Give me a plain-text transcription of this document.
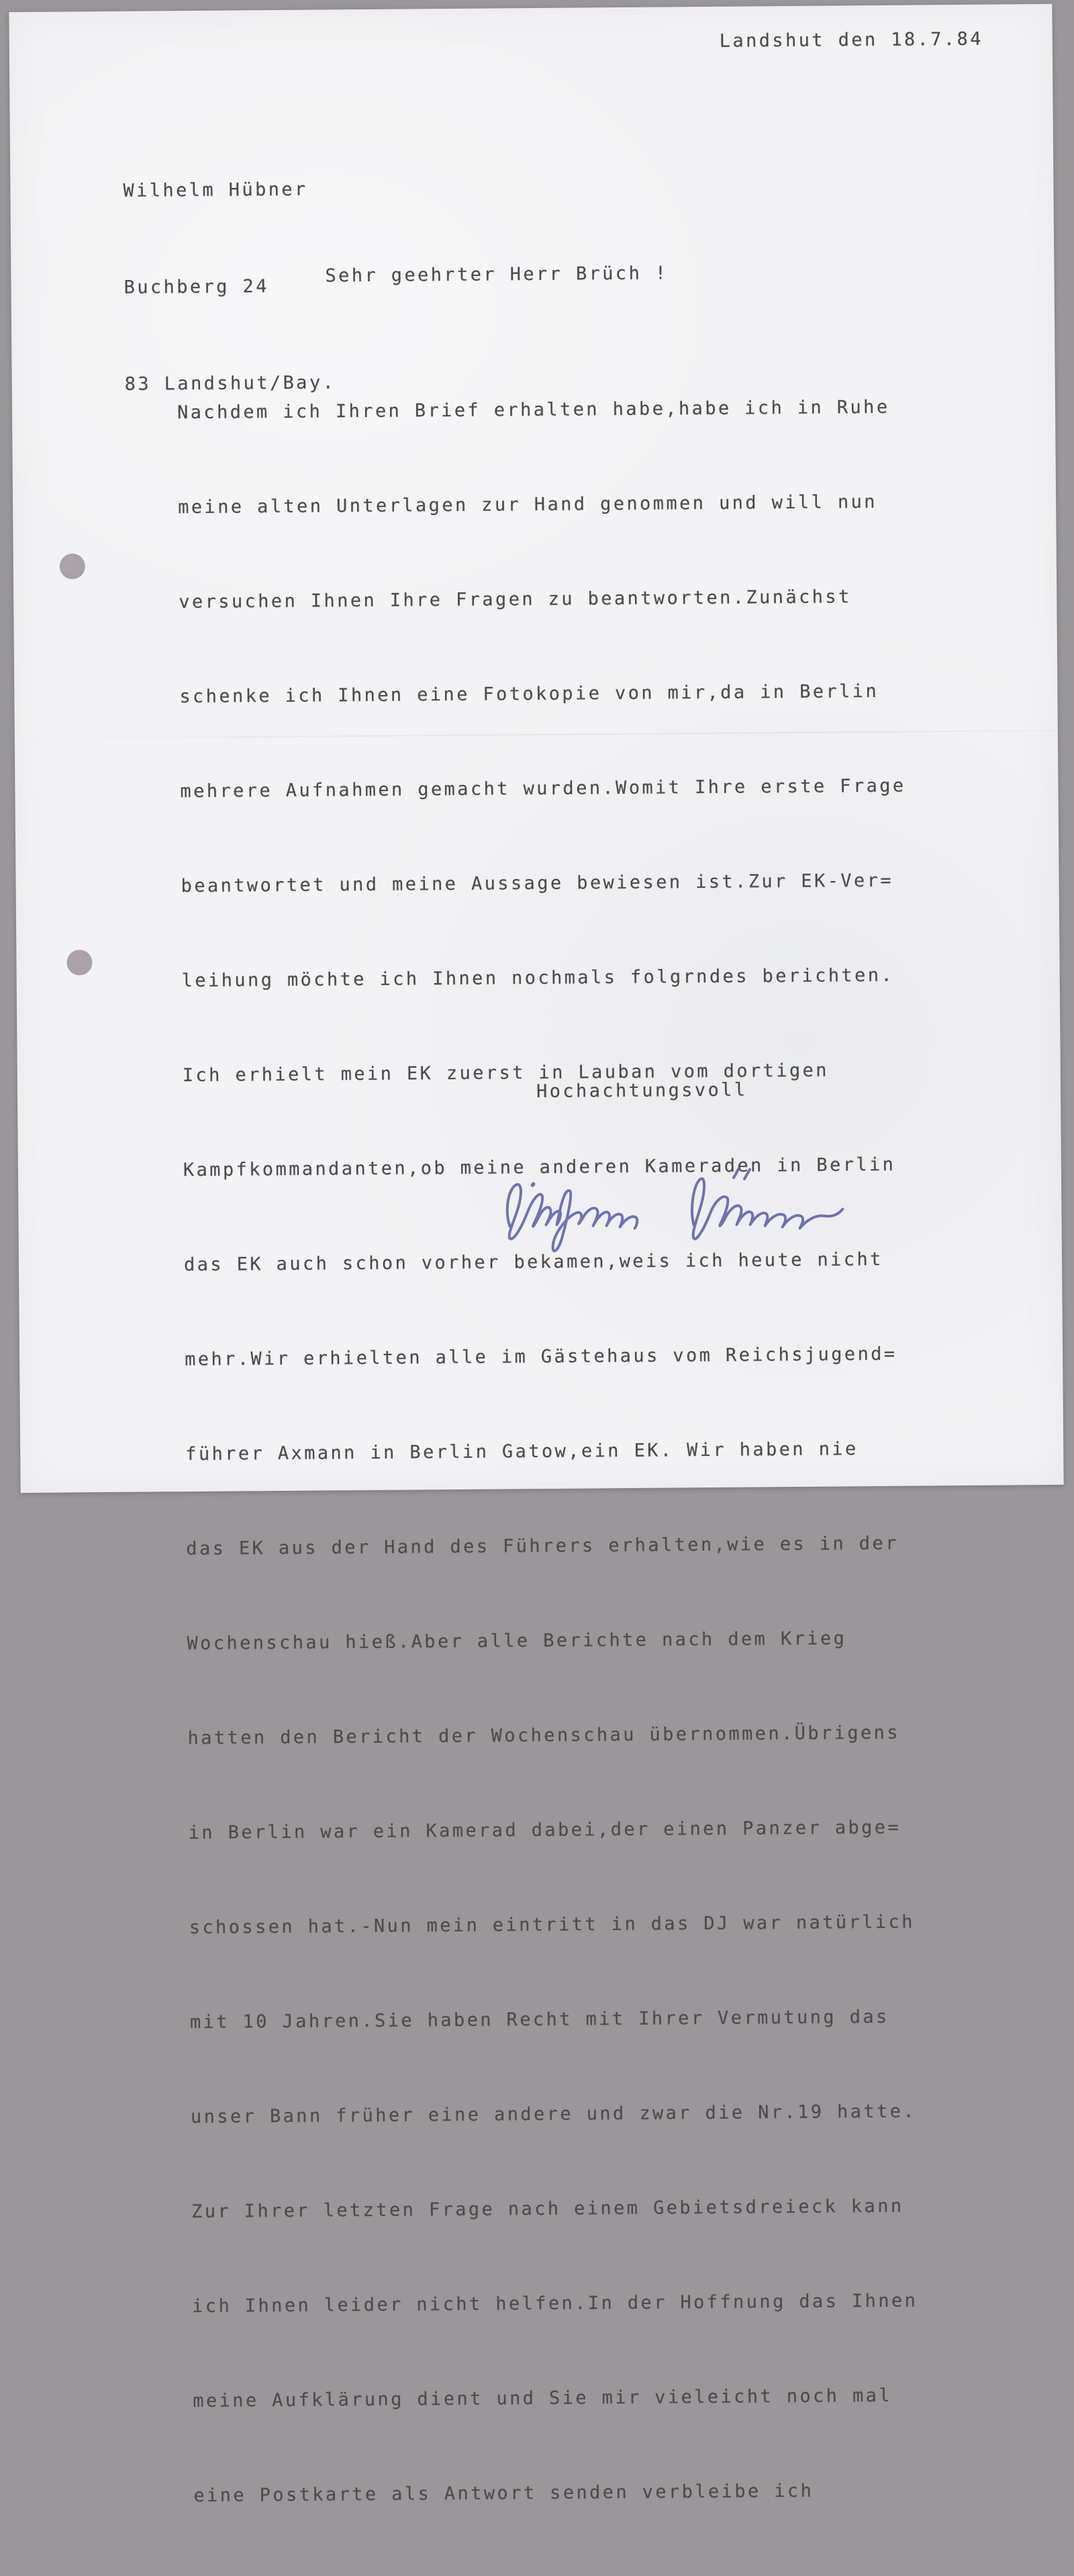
Landshut den 18.7.84

Wilhelm Hübner

Buchberg 24

83 Landshut/Bay.

Sehr geehrter Herr Brüch !

Nachdem ich Ihren Brief erhalten habe,habe ich in Ruhe

meine alten Unterlagen zur Hand genommen und will nun

versuchen Ihnen Ihre Fragen zu beantworten.Zunächst

schenke ich Ihnen eine Fotokopie von mir,da in Berlin

mehrere Aufnahmen gemacht wurden.Womit Ihre erste Frage

beantwortet und meine Aussage bewiesen ist.Zur EK-Ver=

leihung möchte ich Ihnen nochmals folgrndes berichten.

Ich erhielt mein EK zuerst in Lauban vom dortigen

Kampfkommandanten,ob meine anderen Kameraden in Berlin

das EK auch schon vorher bekamen,weis ich heute nicht

mehr.Wir erhielten alle im Gästehaus vom Reichsjugend=

führer Axmann in Berlin Gatow,ein EK. Wir haben nie

das EK aus der Hand des Führers erhalten,wie es in der

Wochenschau hieß.Aber alle Berichte nach dem Krieg

hatten den Bericht der Wochenschau übernommen.Übrigens

in Berlin war ein Kamerad dabei,der einen Panzer abge=

schossen hat.-Nun mein eintritt in das DJ war natürlich

mit 10 Jahren.Sie haben Recht mit Ihrer Vermutung das

unser Bann früher eine andere und zwar die Nr.19 hatte.

Zur Ihrer letzten Frage nach einem Gebietsdreieck kann

ich Ihnen leider nicht helfen.In der Hoffnung das Ihnen

meine Aufklärung dient und Sie mir vieleicht noch mal

eine Postkarte als Antwort senden verbleibe ich

Hochachtungsvoll
